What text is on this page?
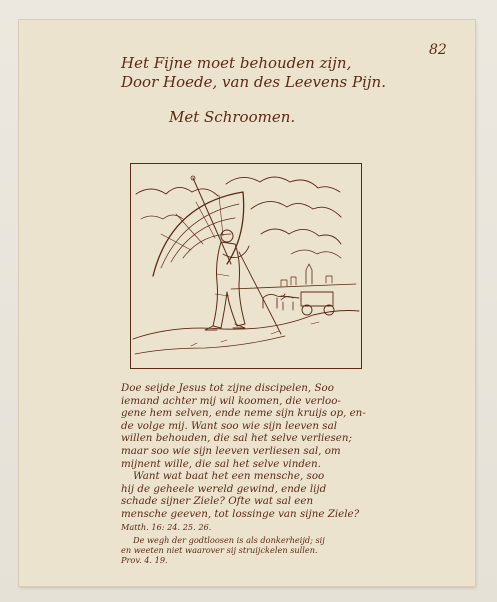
82
Het Fijne moet behouden zijn,
Door Hoede, van des Leevens Pijn.
Met Schroomen.
Doe seijde Jesus tot zijne discipelen, Soo
iemand achter mij wil koomen, die verloo-
gene hem selven, ende neme sijn kruijs op, en-
de volge mij. Want soo wie sijn leeven sal
willen behouden, die sal het selve verliesen;
maar soo wie sijn leeven verliesen sal, om
mijnent wille, die sal het selve vinden.
Want wat baat het een mensche, soo
hij de geheele wereld gewind, ende lijd
schade sijner Ziele? Ofte wat sal een
mensche geeven, tot lossinge van sijne Ziele?
Matth. 16: 24. 25. 26.
De wegh der godtloosen is als donkerheijd; sij
en weeten niet waarover sij struijckelen sullen.
Prov. 4. 19.
